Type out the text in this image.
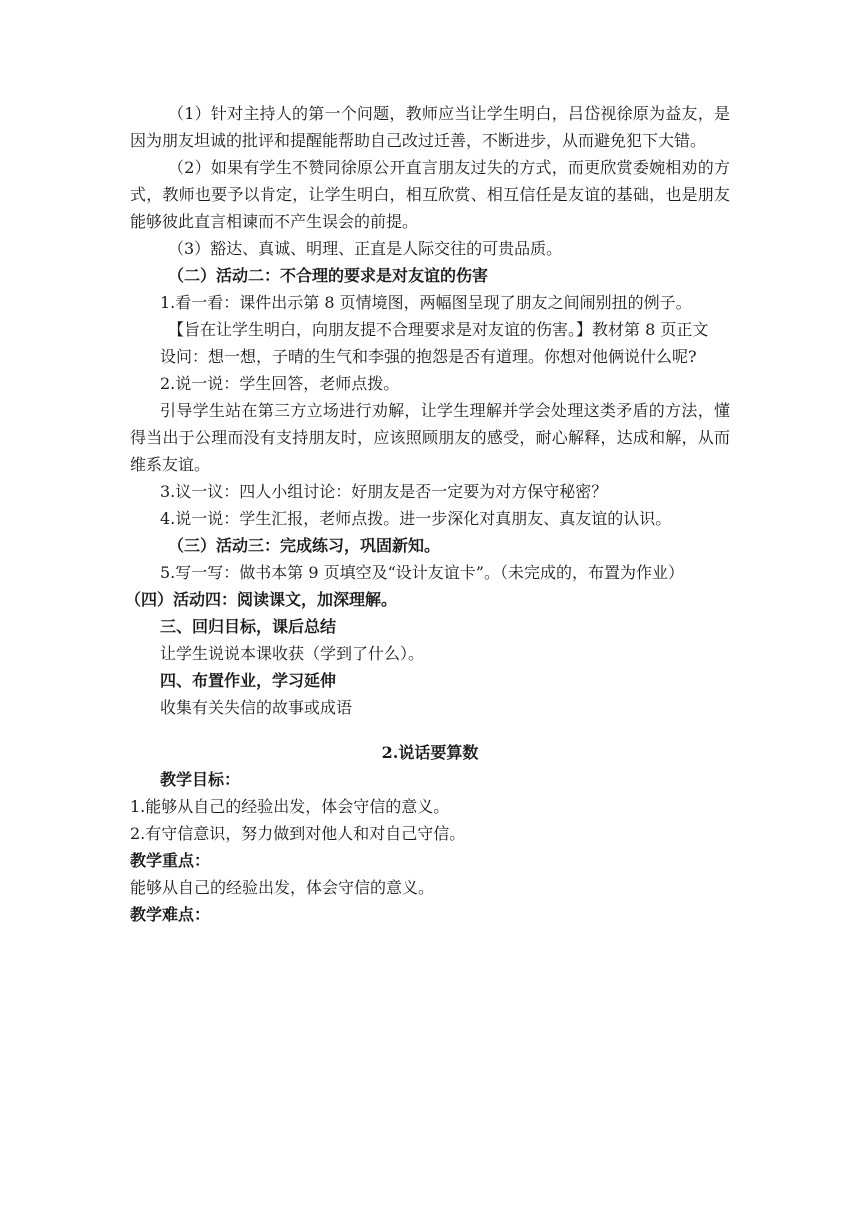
（1）针对主持人的第一个问题，教师应当让学生明白，吕岱视徐原为益友，是因为朋友坦诚的批评和提醒能帮助自己改过迁善，不断进步，从而避免犯下大错。

（2）如果有学生不赞同徐原公开直言朋友过失的方式，而更欣赏委婉相劝的方式，教师也要予以肯定，让学生明白，相互欣赏、相互信任是友谊的基础，也是朋友能够彼此直言相谏而不产生误会的前提。

（3）豁达、真诚、明理、正直是人际交往的可贵品质。

（二）活动二：不合理的要求是对友谊的伤害

1.看一看：课件出示第 8 页情境图，两幅图呈现了朋友之间闹别扭的例子。

【旨在让学生明白，向朋友提不合理要求是对友谊的伤害。】教材第 8 页正文

设问：想一想，子晴的生气和李强的抱怨是否有道理。你想对他俩说什么呢?

2.说一说：学生回答，老师点拨。

引导学生站在第三方立场进行劝解，让学生理解并学会处理这类矛盾的方法，懂得当出于公理而没有支持朋友时，应该照顾朋友的感受，耐心解释，达成和解，从而维系友谊。

3.议一议：四人小组讨论：好朋友是否一定要为对方保守秘密？

4.说一说：学生汇报，老师点拨。进一步深化对真朋友、真友谊的认识。

（三）活动三：完成练习，巩固新知。

5.写一写：做书本第 9 页填空及“设计友谊卡”。（未完成的，布置为作业）

（四）活动四：阅读课文，加深理解。

三、回归目标，课后总结

让学生说说本课收获（学到了什么）。

四、布置作业，学习延伸

收集有关失信的故事或成语

2.说话要算数

教学目标：

1.能够从自己的经验出发，体会守信的意义。

2.有守信意识，努力做到对他人和对自己守信。

教学重点：

能够从自己的经验出发，体会守信的意义。

教学难点：
